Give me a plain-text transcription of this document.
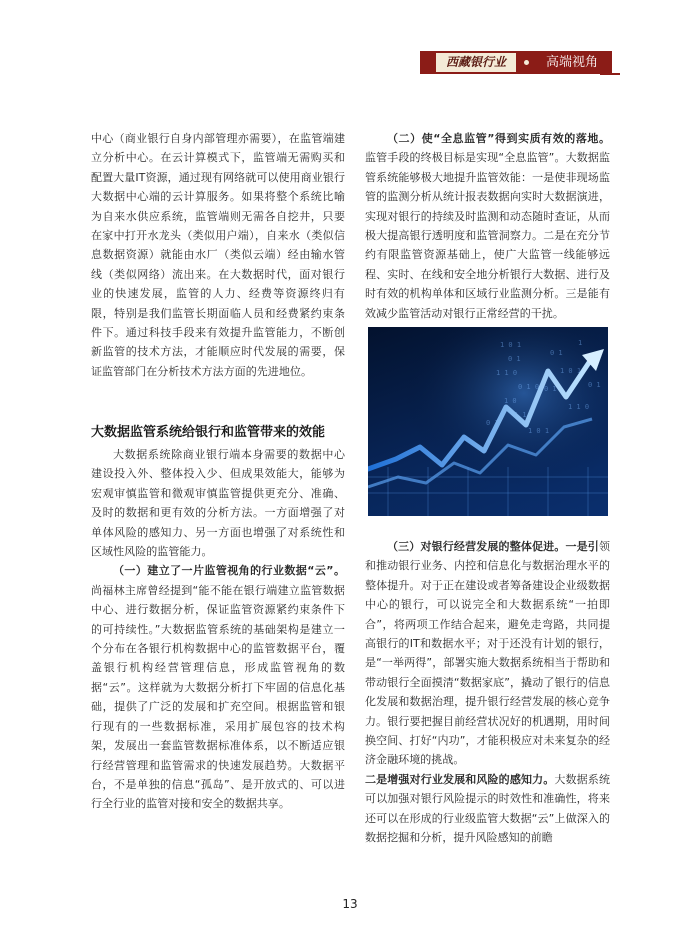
西藏银行业	高端视角

中心（商业银行自身内部管理亦需要），在监管端建立分析中心。在云计算模式下，监管端无需购买和配置大量IT资源，通过现有网络就可以使用商业银行大数据中心端的云计算服务。如果将整个系统比喻为自来水供应系统，监管端则无需各自挖井，只要在家中打开水龙头（类似用户端），自来水（类似信息数据资源）就能由水厂（类似云端）经由输水管线（类似网络）流出来。在大数据时代，面对银行业的快速发展，监管的人力、经费等资源终归有限，特别是我们监管长期面临人员和经费紧约束条件下。通过科技手段来有效提升监管能力，不断创新监管的技术方法，才能顺应时代发展的需要，保证监管部门在分析技术方法方面的先进地位。

大数据监管系统给银行和监管带来的效能

大数据系统除商业银行端本身需要的数据中心建设投入外、整体投入少、但成果效能大，能够为宏观审慎监管和微观审慎监管提供更充分、准确、及时的数据和更有效的分析方法。一方面增强了对单体风险的感知力、另一方面也增强了对系统性和区域性风险的监管能力。

（一）建立了一片监管视角的行业数据“云”。尚福林主席曾经提到“能不能在银行端建立监管数据中心、进行数据分析，保证监管资源紧约束条件下的可持续性。”大数据监管系统的基础架构是建立一个分布在各银行机构数据中心的监管数据平台，覆盖银行机构经营管理信息，形成监管视角的数据“云”。这样就为大数据分析打下牢固的信息化基础，提供了广泛的发展和扩充空间。根据监管和银行现有的一些数据标准，采用扩展包容的技术构架，发展出一套监管数据标准体系，以不断适应银行经营管理和监管需求的快速发展趋势。大数据平台，不是单独的信息“孤岛”、是开放式的、可以进行全行业的监管对接和安全的数据共享。

（二）使“全息监管”得到实质有效的落地。监管手段的终极目标是实现“全息监管”。大数据监管系统能够极大地提升监管效能：一是使非现场监管的监测分析从统计报表数据向实时大数据演进，实现对银行的持续及时监测和动态随时查证，从而极大提高银行透明度和监管洞察力。二是在充分节约有限监管资源基础上，使广大监管一线能够远程、实时、在线和安全地分析银行大数据、进行及时有效的机构单体和区域行业监测分析。三是能有效减少监管活动对银行正常经营的干扰。

1 0 1
0 1
1 1 0
0 1 0
1 0
1 1
0 1
1 0 1
0 1
1 1 0
1
0 1
1 0 1
0 1

（三）对银行经营发展的整体促进。一是引领和推动银行业务、内控和信息化与数据治理水平的整体提升。对于正在建设或者筹备建设企业级数据中心的银行，可以说完全和大数据系统“一拍即合”，将两项工作结合起来，避免走弯路，共同提高银行的IT和数据水平；对于还没有计划的银行，是“一举两得”，部署实施大数据系统相当于帮助和带动银行全面摸清“数据家底”，撬动了银行的信息化发展和数据治理，提升银行经营发展的核心竞争力。银行要把握目前经营状况好的机遇期，用时间换空间、打好“内功”，才能积极应对未来复杂的经济金融环境的挑战。

二是增强对行业发展和风险的感知力。大数据系统可以加强对银行风险提示的时效性和准确性，将来还可以在形成的行业级监管大数据“云”上做深入的数据挖掘和分析，提升风险感知的前瞻

13
